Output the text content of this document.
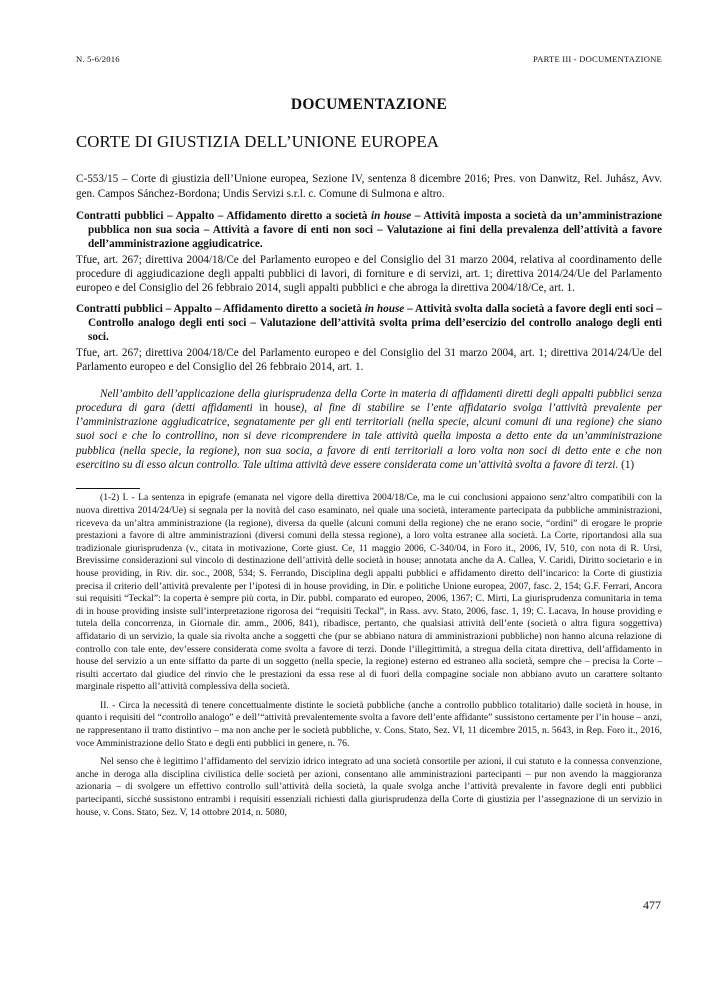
N. 5-6/2016	PARTE III - DOCUMENTAZIONE
DOCUMENTAZIONE
CORTE DI GIUSTIZIA DELL’UNIONE EUROPEA
C-553/15 – Corte di giustizia dell’Unione europea, Sezione IV, sentenza 8 dicembre 2016; Pres. von Danwitz, Rel. Juhász, Avv. gen. Campos Sánchez-Bordona; Undis Servizi s.r.l. c. Comune di Sulmona e altro.
Contratti pubblici – Appalto – Affidamento diretto a società in house – Attività imposta a società da un’amministrazione pubblica non sua socia – Attività a favore di enti non soci – Valutazione ai fini della prevalenza dell’attività a favore dell’amministrazione aggiudicatrice.
Tfue, art. 267; direttiva 2004/18/Ce del Parlamento europeo e del Consiglio del 31 marzo 2004, relativa al coordinamento delle procedure di aggiudicazione degli appalti pubblici di lavori, di forniture e di servizi, art. 1; direttiva 2014/24/Ue del Parlamento europeo e del Consiglio del 26 febbraio 2014, sugli appalti pubblici e che abroga la direttiva 2004/18/Ce, art. 1.
Contratti pubblici – Appalto – Affidamento diretto a società in house – Attività svolta dalla società a favore degli enti soci – Controllo analogo degli enti soci – Valutazione dell’attività svolta prima dell’esercizio del controllo analogo degli enti soci.
Tfue, art. 267; direttiva 2004/18/Ce del Parlamento europeo e del Consiglio del 31 marzo 2004, art. 1; direttiva 2014/24/Ue del Parlamento europeo e del Consiglio del 26 febbraio 2014, art. 1.
Nell’ambito dell’applicazione della giurisprudenza della Corte in materia di affidamenti diretti degli appalti pubblici senza procedura di gara (detti affidamenti in house), al fine di stabilire se l’ente affidatario svolga l’attività prevalente per l’amministrazione aggiudicatrice, segnatamente per gli enti territoriali (nella specie, alcuni comuni di una regione) che siano suoi soci e che lo controllino, non si deve ricomprendere in tale attività quella imposta a detto ente da un’amministrazione pubblica (nella specie, la regione), non sua socia, a favore di enti territoriali a loro volta non soci di detto ente e che non esercitino su di esso alcun controllo. Tale ultima attività deve essere considerata come un’attività svolta a favore di terzi. (1)
(1-2) I. - La sentenza in epigrafe (emanata nel vigore della direttiva 2004/18/Ce, ma le cui conclusioni appaiono senz’altro compatibili con la nuova direttiva 2014/24/Ue) si segnala per la novità del caso esaminato, nel quale una società, interamente partecipata da pubbliche amministrazioni, riceveva da un’altra amministrazione (la regione), diversa da quelle (alcuni comuni della regione) che ne erano socie, “ordini” di erogare le proprie prestazioni a favore di altre amministrazioni (diversi comuni della stessa regione), a loro volta estranee alla società. La Corte, riportandosi alla sua tradizionale giurisprudenza (v., citata in motivazione, Corte giust. Ce, 11 maggio 2006, C-340/04, in Foro it., 2006, IV, 510, con nota di R. Ursi, Brevissime considerazioni sul vincolo di destinazione dell’attività delle società in house; annotata anche da A. Callea, V. Caridi, Diritto societario e in house providing, in Riv. dir. soc., 2008, 534; S. Ferrando, Disciplina degli appalti pubblici e affidamento diretto dell’incarico: la Corte di giustizia precisa il criterio dell’attività prevalente per l’ipotesi di in house providing, in Dir. e politiche Unione europea, 2007, fasc. 2, 154; G.F. Ferrari, Ancora sui requisiti “Teckal”: la coperta è sempre più corta, in Dir. pubbl. comparato ed europeo, 2006, 1367; C. Mirti, La giurisprudenza comunitaria in tema di in house providing insiste sull’interpretazione rigorosa dei “requisiti Teckal”, in Rass. avv. Stato, 2006, fasc. 1, 19; C. Lacava, In house providing e tutela della concorrenza, in Giornale dir. amm., 2006, 841), ribadisce, pertanto, che qualsiasi attività dell’ente (società o altra figura soggettiva) affidatario di un servizio, la quale sia rivolta anche a soggetti che (pur se abbiano natura di amministrazioni pubbliche) non hanno alcuna relazione di controllo con tale ente, dev’essere considerata come svolta a favore di terzi. Donde l’illegittimità, a stregua della citata direttiva, dell’affidamento in house del servizio a un ente siffatto da parte di un soggetto (nella specie, la regione) esterno ed estraneo alla società, sempre che – precisa la Corte – risulti accertato dal giudice del rinvio che le prestazioni da essa rese al di fuori della compagine sociale non abbiano avuto un carattere soltanto marginale rispetto all’attività complessiva della società.
II. - Circa la necessità di tenere concettualmente distinte le società pubbliche (anche a controllo pubblico totalitario) dalle società in house, in quanto i requisiti del “controllo analogo” e dell’“attività prevalentemente svolta a favore dell’ente affidante” sussistono certamente per l’in house – anzi, ne rappresentano il tratto distintivo – ma non anche per le società pubbliche, v. Cons. Stato, Sez. VI, 11 dicembre 2015, n. 5643, in Rep. Foro it., 2016, voce Amministrazione dello Stato e degli enti pubblici in genere, n. 76.
Nel senso che è legittimo l’affidamento del servizio idrico integrato ad una società consortile per azioni, il cui statuto e la connessa convenzione, anche in deroga alla disciplina civilistica delle società per azioni, consentano alle amministrazioni partecipanti – pur non avendo la maggioranza azionaria – di svolgere un effettivo controllo sull’attività della società, la quale svolga anche l’attività prevalente in favore degli enti pubblici partecipanti, sicché sussistono entrambi i requisiti essenziali richiesti dalla giurisprudenza della Corte di giustizia per l’assegnazione di un servizio in house, v. Cons. Stato, Sez. V, 14 ottobre 2014, n. 5080,
477
